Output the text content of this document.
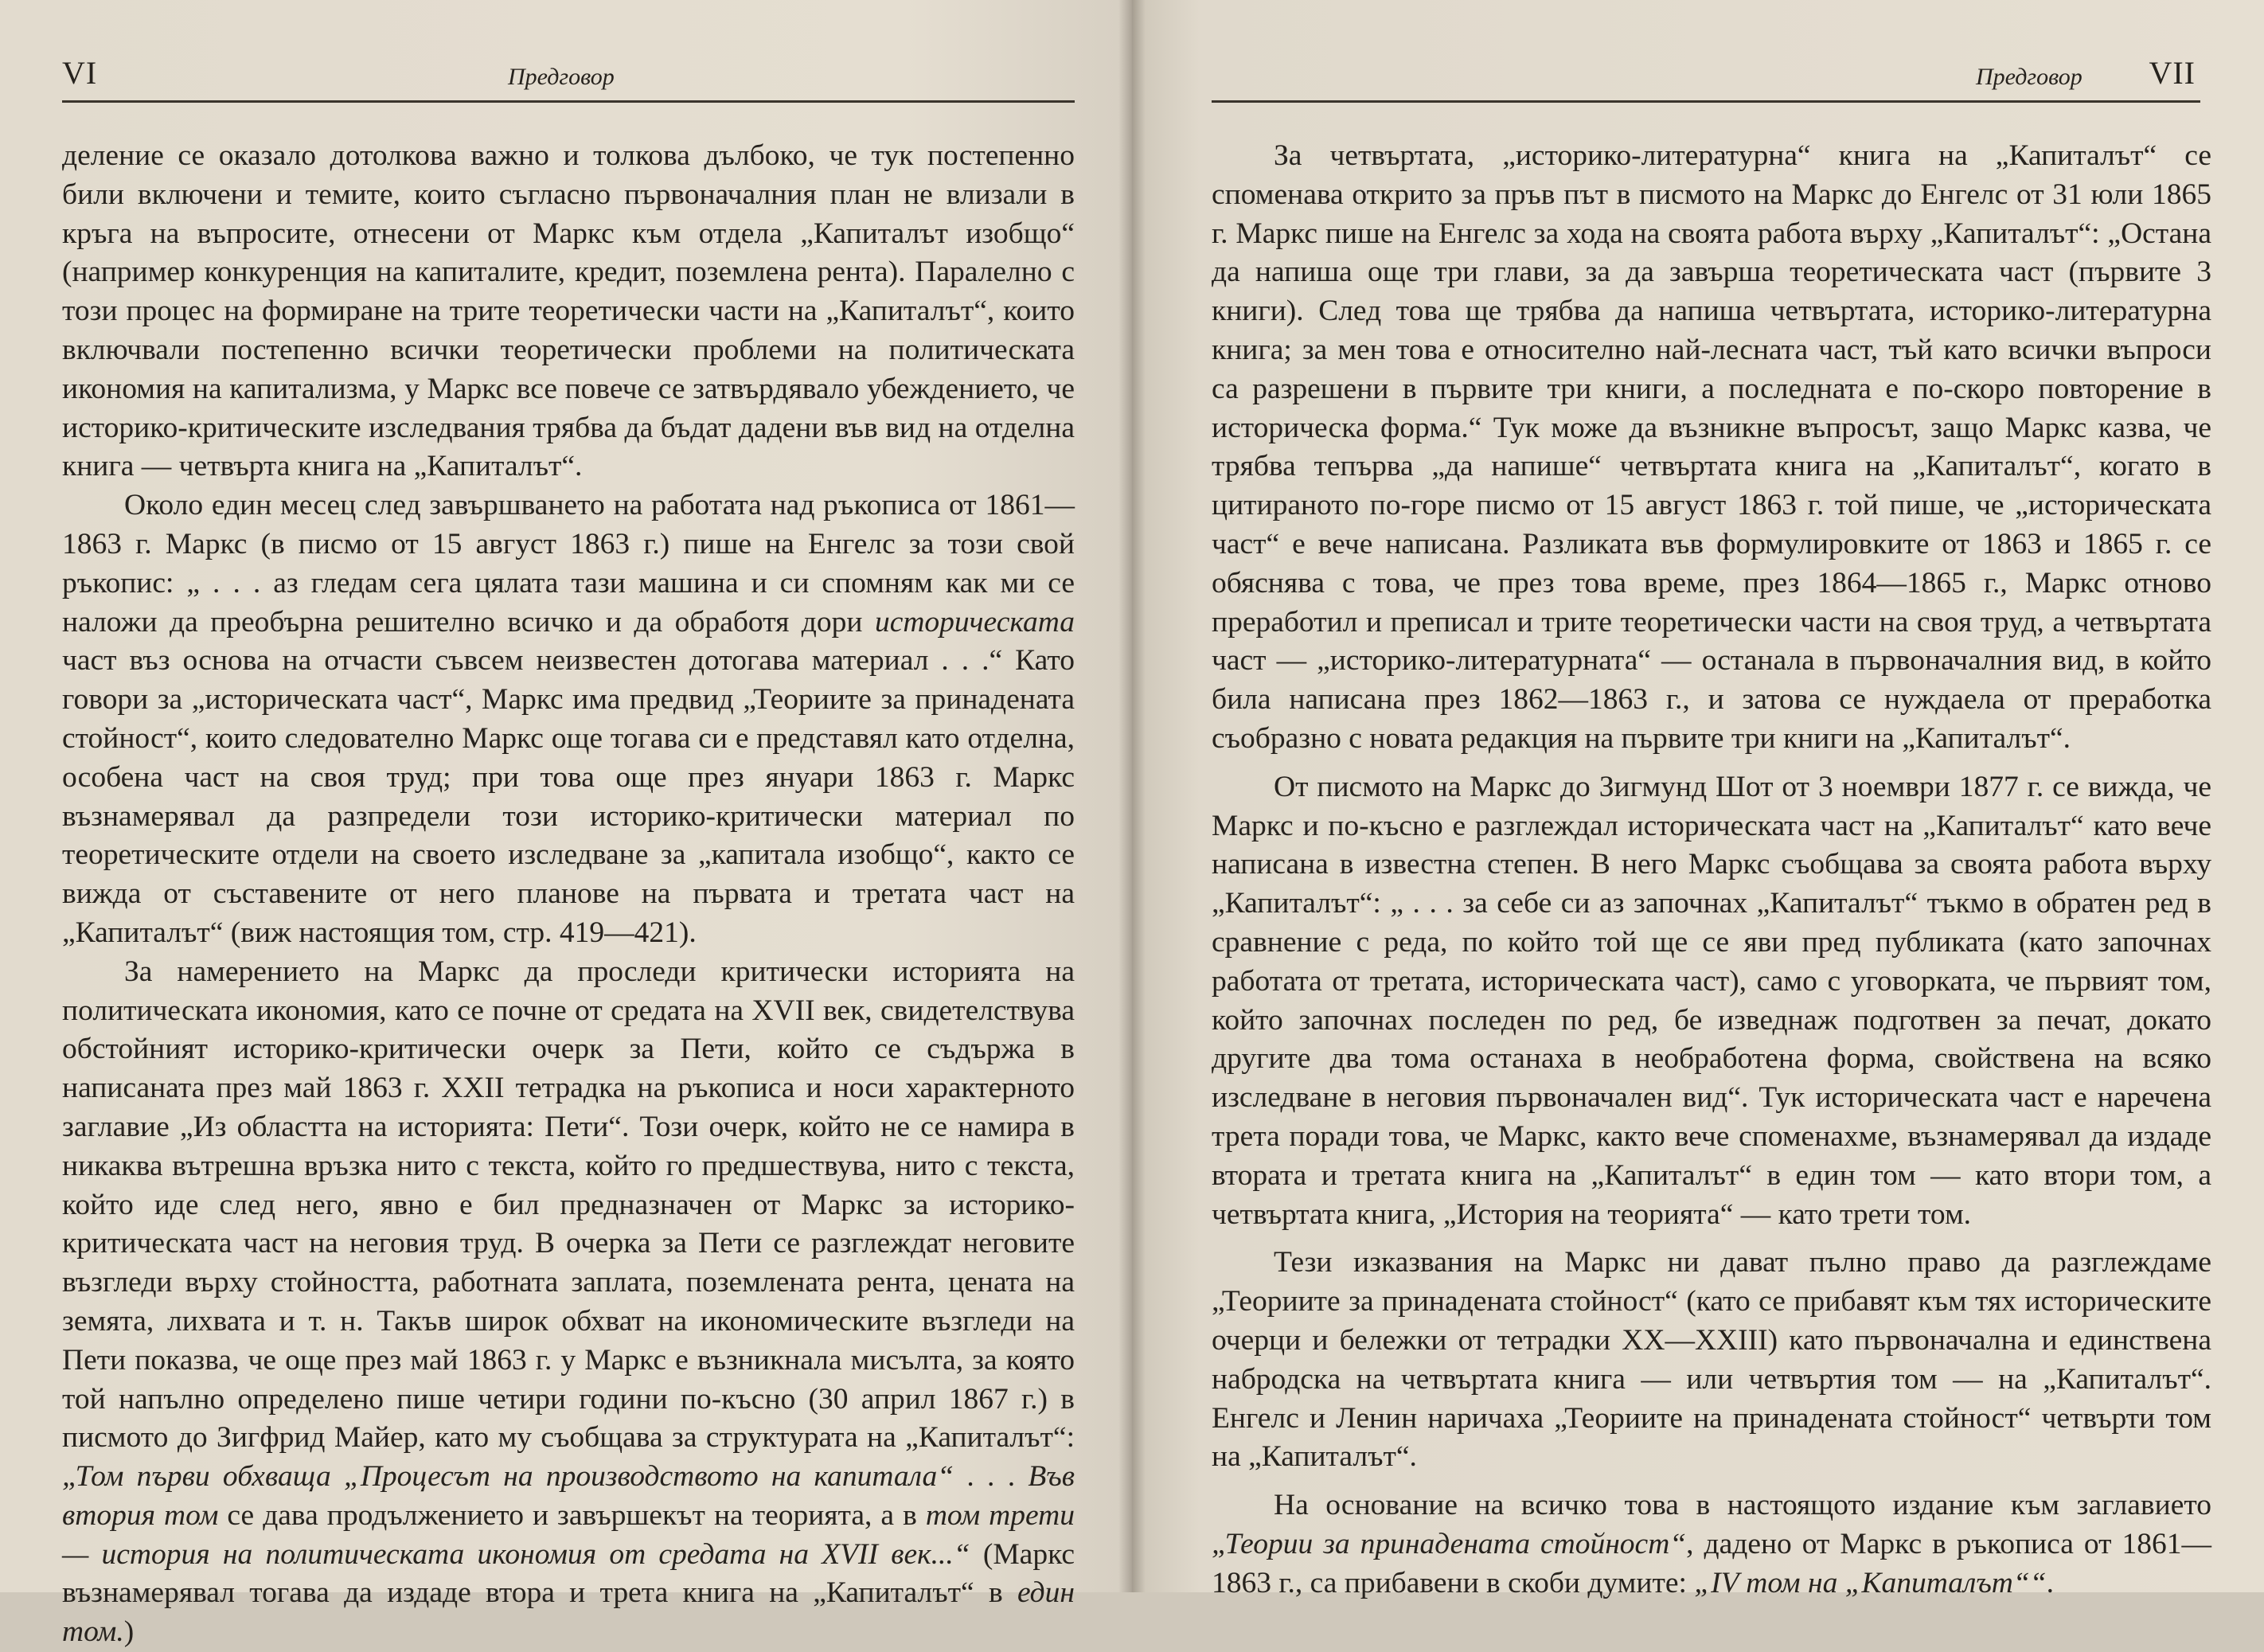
VI	Предговор

деление се оказало дотолкова важно и толкова дълбоко, че тук постепенно били включени и темите, които съгласно първоначалния план не влизали в кръга на въпросите, отнесени от Маркс към отдела „Капиталът изобщо“ (например конкуренция на капиталите, кредит, поземлена рента). Паралелно с този процес на формиране на трите теоретически части на „Капиталът“, които включвали постепенно всички теоретически проблеми на политическата икономия на капитализма, у Маркс все повече се затвърдявало убеждението, че историко-критическите изследвания трябва да бъдат дадени във вид на отделна книга — четвърта книга на „Капиталът“.

Около един месец след завършването на работата над ръкописа от 1861—1863 г. Маркс (в писмо от 15 август 1863 г.) пише на Енгелс за този свой ръкопис: „ . . . аз гледам сега цялата тази машина и си спомням как ми се наложи да преобърна решително всичко и да обработя дори историческата част въз основа на отчасти съвсем неизвестен дотогава материал . . .“ Като говори за „историческата част“, Маркс има предвид „Теориите за принадената стойност“, които следователно Маркс още тогава си е представял като отделна, особена част на своя труд; при това още през януари 1863 г. Маркс възнамерявал да разпредели този историко-критически материал по теоретическите отдели на своето изследване за „капитала изобщо“, както се вижда от съставените от него планове на първата и третата част на „Капиталът“ (виж настоящия том, стр. 419—421).

За намерението на Маркс да проследи критически историята на политическата икономия, като се почне от средата на XVII век, свидетелствува обстойният историко-критически очерк за Пети, който се съдържа в написаната през май 1863 г. XXII тетрадка на ръкописа и носи характерното заглавие „Из областта на историята: Пети“. Този очерк, който не се намира в никаква вътрешна връзка нито с текста, който го предшествува, нито с текста, който иде след него, явно е бил предназначен от Маркс за историко-критическата част на неговия труд. В очерка за Пети се разглеждат неговите възгледи върху стойността, работната заплата, поземлената рента, цената на земята, лихвата и т. н. Такъв широк обхват на икономическите възгледи на Пети показва, че още през май 1863 г. у Маркс е възникнала мисълта, за която той напълно определено пише четири години по-късно (30 април 1867 г.) в писмото до Зигфрид Майер, като му съобщава за структурата на „Капиталът“: „Том първи обхваща „Процесът на производството на капитала“ . . . Във втория том се дава продължението и завършекът на теорията, а в том трети — история на политическата икономия от средата на XVII век...“ (Маркс възнамерявал тогава да издаде втора и трета книга на „Капиталът“ в един том.)

Предговор VII

За четвъртата, „историко-литературна“ книга на „Капиталът“ се споменава открито за пръв път в писмото на Маркс до Енгелс от 31 юли 1865 г. Маркс пише на Енгелс за хода на своята работа върху „Капиталът“: „Остана да напиша още три глави, за да завърша теоретическата част (първите 3 книги). След това ще трябва да напиша четвъртата, историко-литературна книга; за мен това е относително най-лесната част, тъй като всички въпроси са разрешени в първите три книги, а последната е по-скоро повторение в историческа форма.“ Тук може да възникне въпросът, защо Маркс казва, че трябва тепърва „да напише“ четвъртата книга на „Капиталът“, когато в цитираното по-горе писмо от 15 август 1863 г. той пише, че „историческата част“ е вече написана. Разликата във формулировките от 1863 и 1865 г. се обяснява с това, че през това време, през 1864—1865 г., Маркс отново преработил и преписал и трите теоретически части на своя труд, а четвъртата част — „историко-литературната“ — останала в първоначалния вид, в който била написана през 1862—1863 г., и затова се нуждаела от преработка съобразно с новата редакция на първите три книги на „Капиталът“.

От писмото на Маркс до Зигмунд Шот от 3 ноември 1877 г. се вижда, че Маркс и по-късно е разглеждал историческата част на „Капиталът“ като вече написана в известна степен. В него Маркс съобщава за своята работа върху „Капиталът“: „ . . . за себе си аз започнах „Капиталът“ тъкмо в обратен ред в сравнение с реда, по който той ще се яви пред публиката (като започнах работата от третата, историческата част), само с уговорката, че първият том, който започнах последен по ред, бе изведнаж подготвен за печат, докато другите два тома останаха в необработена форма, свойствена на всяко изследване в неговия първоначален вид“. Тук историческата част е наречена трета поради това, че Маркс, както вече споменахме, възнамерявал да издаде втората и третата книга на „Капиталът“ в един том — като втори том, а четвъртата книга, „История на теорията“ — като трети том.

Тези изказвания на Маркс ни дават пълно право да разглеждаме „Теориите за принадената стойност“ (като се прибавят към тях историческите очерци и бележки от тетрадки XX—XXIII) като първоначална и единствена набродска на четвъртата книга — или четвъртия том — на „Капиталът“. Енгелс и Ленин наричаха „Теориите на принадената стойност“ четвърти том на „Капиталът“.

На основание на всичко това в настоящото издание към заглавието „Теории за принадената стойност“, дадено от Маркс в ръкописа от 1861—1863 г., са прибавени в скоби думите: „IV том на „Капиталът““.
